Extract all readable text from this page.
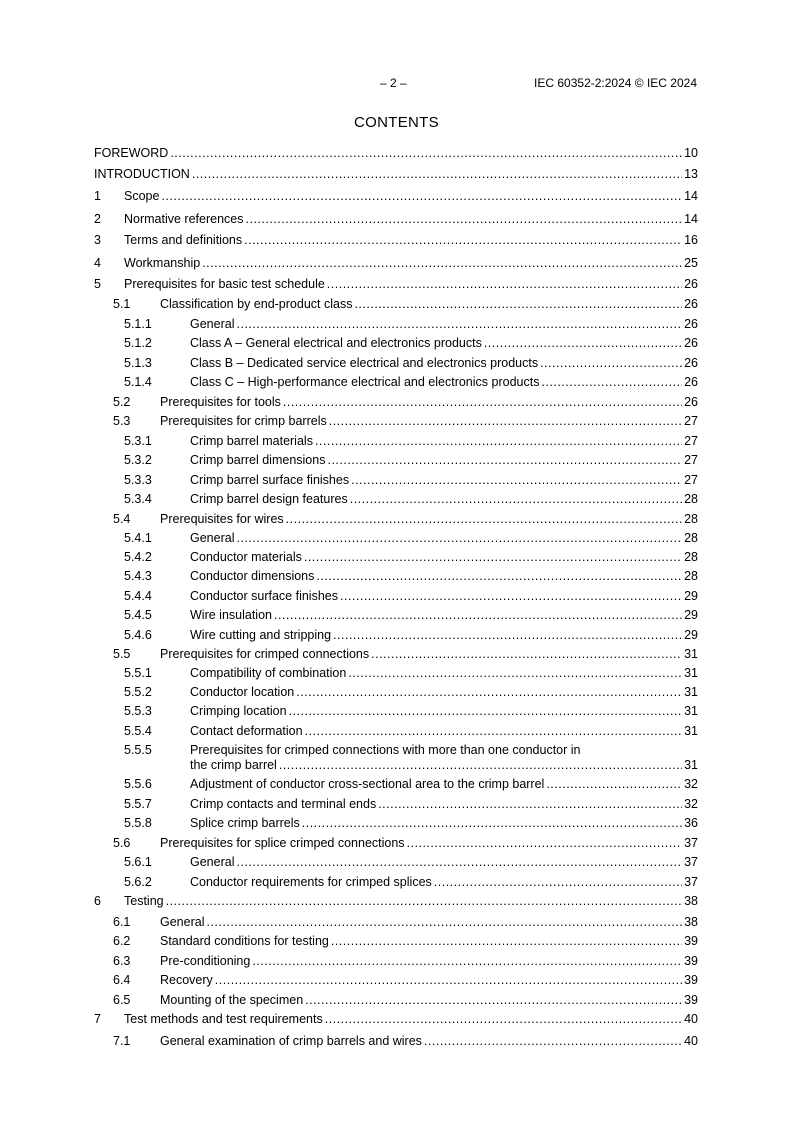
– 2 –	IEC 60352-2:2024 © IEC 2024
CONTENTS
FOREWORD .....	10
INTRODUCTION .....	13
1 Scope .....	14
2 Normative references .....	14
3 Terms and definitions .....	16
4 Workmanship .....	25
5 Prerequisites for basic test schedule .....	26
5.1 Classification by end-product class .....	26
5.1.1	General .....	26
5.1.2	Class A – General electrical and electronics products .....	26
5.1.3	Class B – Dedicated service electrical and electronics products .....	26
5.1.4	Class C – High-performance electrical and electronics products .....	26
5.2 Prerequisites for tools .....	26
5.3 Prerequisites for crimp barrels .....	27
5.3.1	Crimp barrel materials .....	27
5.3.2	Crimp barrel dimensions .....	27
5.3.3	Crimp barrel surface finishes .....	27
5.3.4	Crimp barrel design features .....	28
5.4 Prerequisites for wires .....	28
5.4.1	General .....	28
5.4.2	Conductor materials .....	28
5.4.3	Conductor dimensions .....	28
5.4.4	Conductor surface finishes .....	29
5.4.5	Wire insulation .....	29
5.4.6	Wire cutting and stripping .....	29
5.5 Prerequisites for crimped connections .....	31
5.5.1	Compatibility of combination .....	31
5.5.2	Conductor location .....	31
5.5.3	Crimping location .....	31
5.5.4	Contact deformation .....	31
5.5.5	Prerequisites for crimped connections with more than one conductor in
the crimp barrel .....	31
5.5.6	Adjustment of conductor cross-sectional area to the crimp barrel .....	32
5.5.7	Crimp contacts and terminal ends .....	32
5.5.8	Splice crimp barrels .....	36
5.6 Prerequisites for splice crimped connections .....	37
5.6.1	General .....	37
5.6.2	Conductor requirements for crimped splices .....	37
6 Testing .....	38
6.1 General .....	38
6.2 Standard conditions for testing .....	39
6.3 Pre-conditioning .....	39
6.4 Recovery .....	39
6.5 Mounting of the specimen .....	39
7 Test methods and test requirements .....	40
7.1 General examination of crimp barrels and wires .....	40
